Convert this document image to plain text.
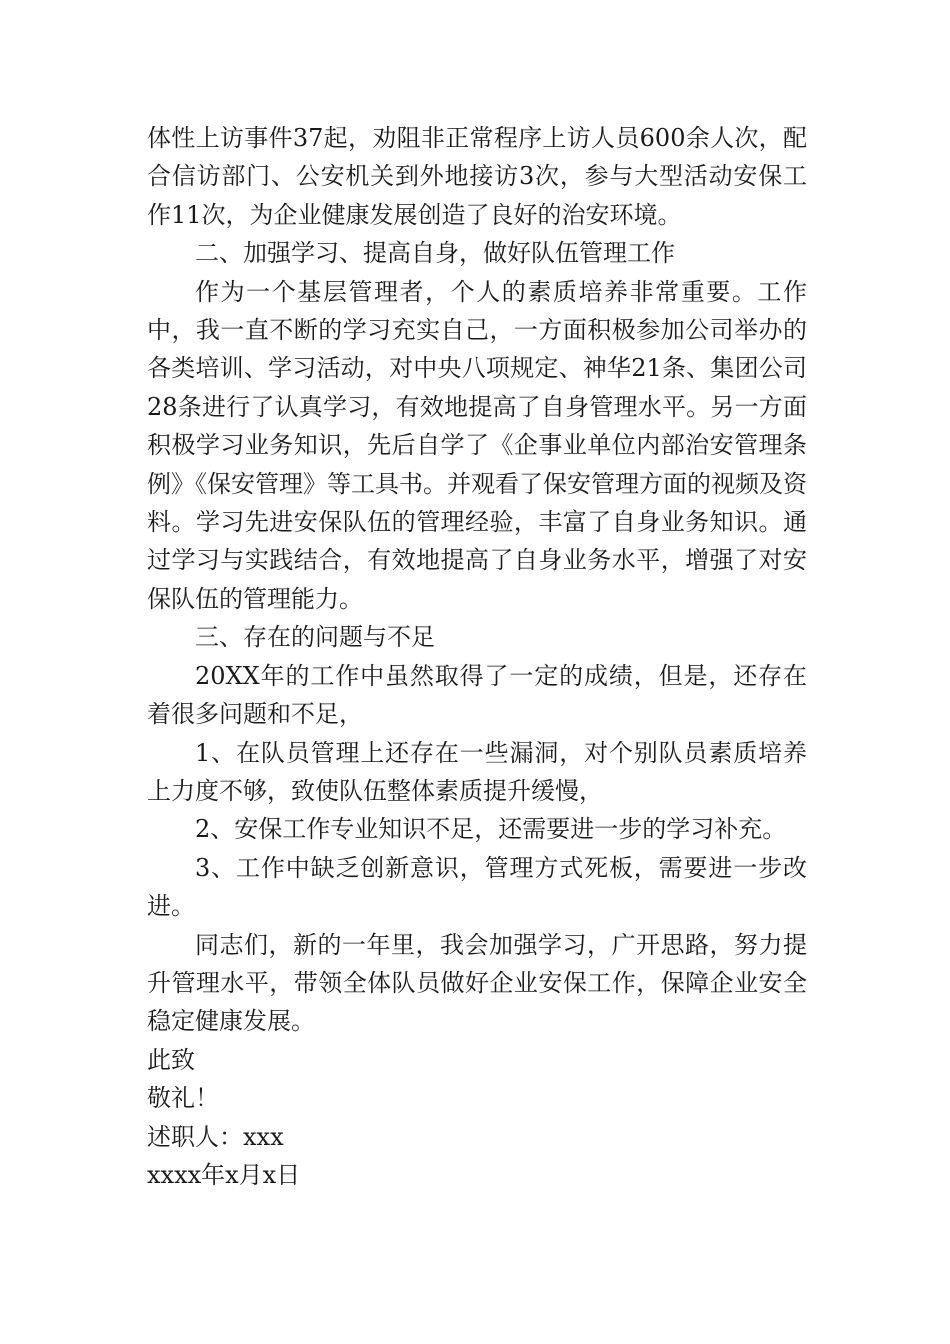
体性上访事件37起，劝阻非正常程序上访人员600余人次，配合信访部门、公安机关到外地接访3次，参与大型活动安保工作11次，为企业健康发展创造了良好的治安环境。

二、加强学习、提高自身，做好队伍管理工作

作为一个基层管理者，个人的素质培养非常重要。工作中，我一直不断的学习充实自己，一方面积极参加公司举办的各类培训、学习活动，对中央八项规定、神华21条、集团公司28条进行了认真学习，有效地提高了自身管理水平。另一方面积极学习业务知识，先后自学了《企事业单位内部治安管理条例》《保安管理》等工具书。并观看了保安管理方面的视频及资料。学习先进安保队伍的管理经验，丰富了自身业务知识。通过学习与实践结合，有效地提高了自身业务水平，增强了对安保队伍的管理能力。

三、存在的问题与不足

20XX年的工作中虽然取得了一定的成绩，但是，还存在着很多问题和不足，

1、在队员管理上还存在一些漏洞，对个别队员素质培养上力度不够，致使队伍整体素质提升缓慢，

2、安保工作专业知识不足，还需要进一步的学习补充。

3、工作中缺乏创新意识，管理方式死板，需要进一步改进。

同志们，新的一年里，我会加强学习，广开思路，努力提升管理水平，带领全体队员做好企业安保工作，保障企业安全稳定健康发展。

此致

敬礼！

述职人：xxx

xxxx年x月x日
